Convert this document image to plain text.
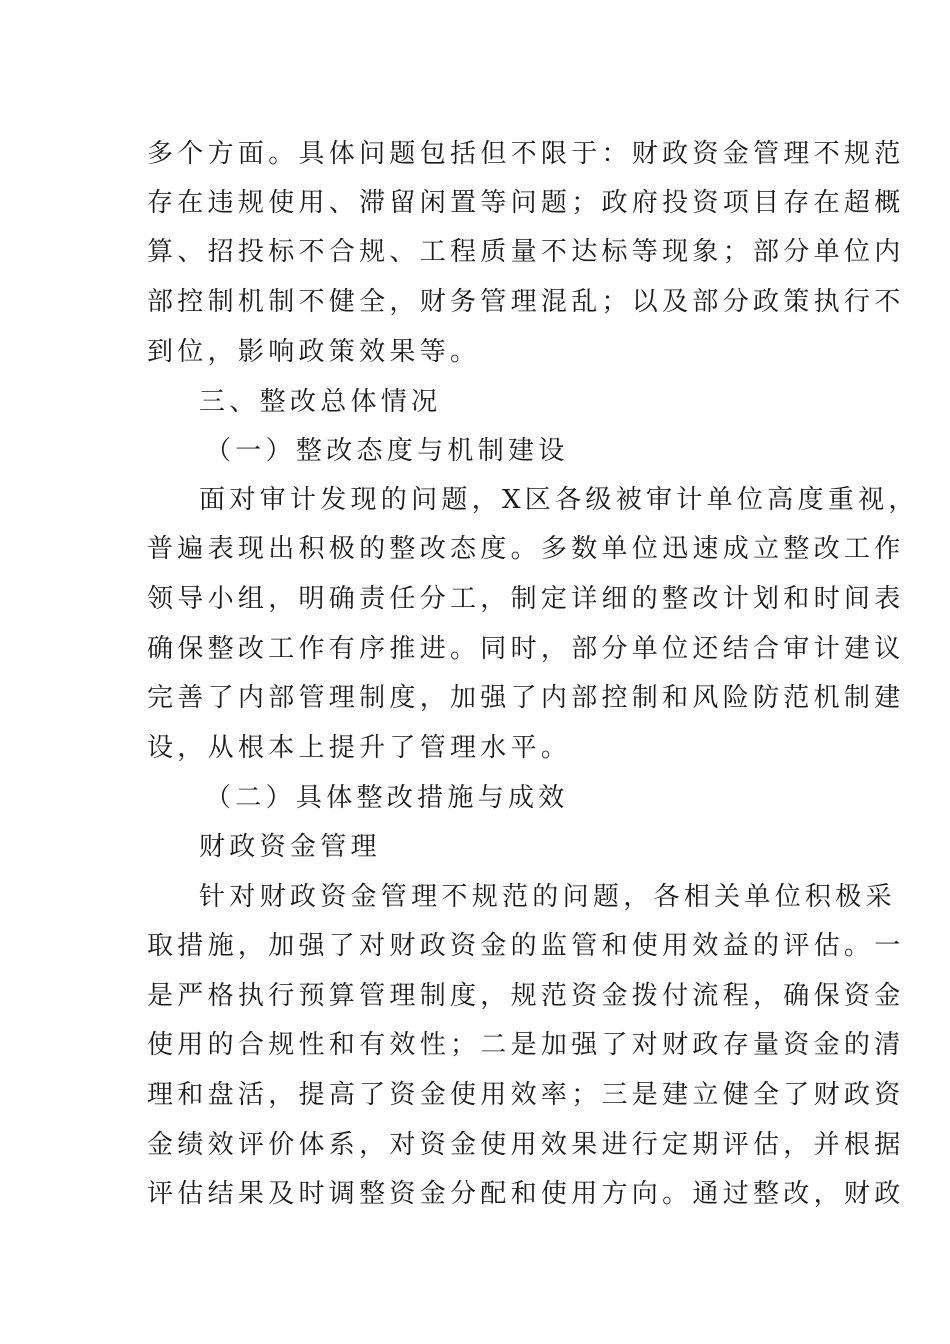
多个方面。具体问题包括但不限于：财政资金管理不规范
存在违规使用、滞留闲置等问题；政府投资项目存在超概
算、招投标不合规、工程质量不达标等现象；部分单位内
部控制机制不健全，财务管理混乱；以及部分政策执行不
到位，影响政策效果等。
三、整改总体情况
（一）整改态度与机制建设
面对审计发现的问题，X区各级被审计单位高度重视，
普遍表现出积极的整改态度。多数单位迅速成立整改工作
领导小组，明确责任分工，制定详细的整改计划和时间表
确保整改工作有序推进。同时，部分单位还结合审计建议
完善了内部管理制度，加强了内部控制和风险防范机制建
设，从根本上提升了管理水平。
（二）具体整改措施与成效
财政资金管理
针对财政资金管理不规范的问题，各相关单位积极采
取措施，加强了对财政资金的监管和使用效益的评估。一
是严格执行预算管理制度，规范资金拨付流程，确保资金
使用的合规性和有效性；二是加强了对财政存量资金的清
理和盘活，提高了资金使用效率；三是建立健全了财政资
金绩效评价体系，对资金使用效果进行定期评估，并根据
评估结果及时调整资金分配和使用方向。通过整改，财政
